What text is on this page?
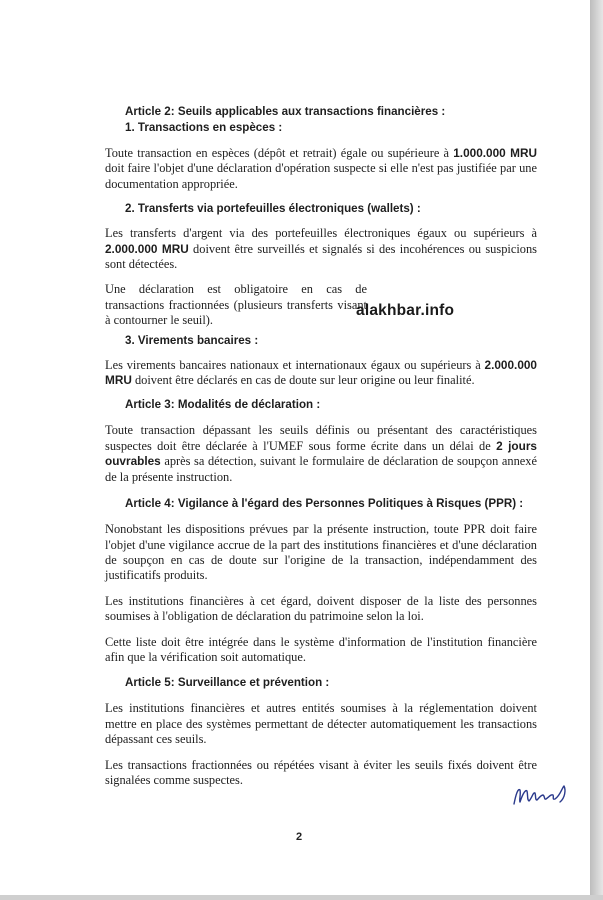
Article 2: Seuils applicables aux transactions financières :
1. Transactions en espèces :

Toute transaction en espèces (dépôt et retrait) égale ou supérieure à 1.000.000 MRU doit faire l'objet d'une déclaration d'opération suspecte si elle n'est pas justifiée par une documentation appropriée.

2. Transferts via portefeuilles électroniques (wallets) :

Les transferts d'argent via des portefeuilles électroniques égaux ou supérieurs à 2.000.000 MRU doivent être surveillés et signalés si des incohérences ou suspicions sont détectées.

Une déclaration est obligatoire en cas de transactions fractionnées (plusieurs transferts visant à contourner le seuil).

3. Virements bancaires :

Les virements bancaires nationaux et internationaux égaux ou supérieurs à 2.000.000 MRU doivent être déclarés en cas de doute sur leur origine ou leur finalité.

Article 3: Modalités de déclaration :

Toute transaction dépassant les seuils définis ou présentant des caractéristiques suspectes doit être déclarée à l'UMEF sous forme écrite dans un délai de 2 jours ouvrables après sa détection, suivant le formulaire de déclaration de soupçon annexé de la présente instruction.

Article 4: Vigilance à l'égard des Personnes Politiques à Risques (PPR) :

Nonobstant les dispositions prévues par la présente instruction, toute PPR doit faire l'objet d'une vigilance accrue de la part des institutions financières et d'une déclaration de soupçon en cas de doute sur l'origine de la transaction, indépendamment des justificatifs produits.

Les institutions financières à cet égard, doivent disposer de la liste des personnes soumises à l'obligation de déclaration du patrimoine selon la loi.

Cette liste doit être intégrée dans le système d'information de l'institution financière afin que la vérification soit automatique.

Article 5: Surveillance et prévention :

Les institutions financières et autres entités soumises à la réglementation doivent mettre en place des systèmes permettant de détecter automatiquement les transactions dépassant ces seuils.

Les transactions fractionnées ou répétées visant à éviter les seuils fixés doivent être signalées comme suspectes.

alakhbar.info
2
